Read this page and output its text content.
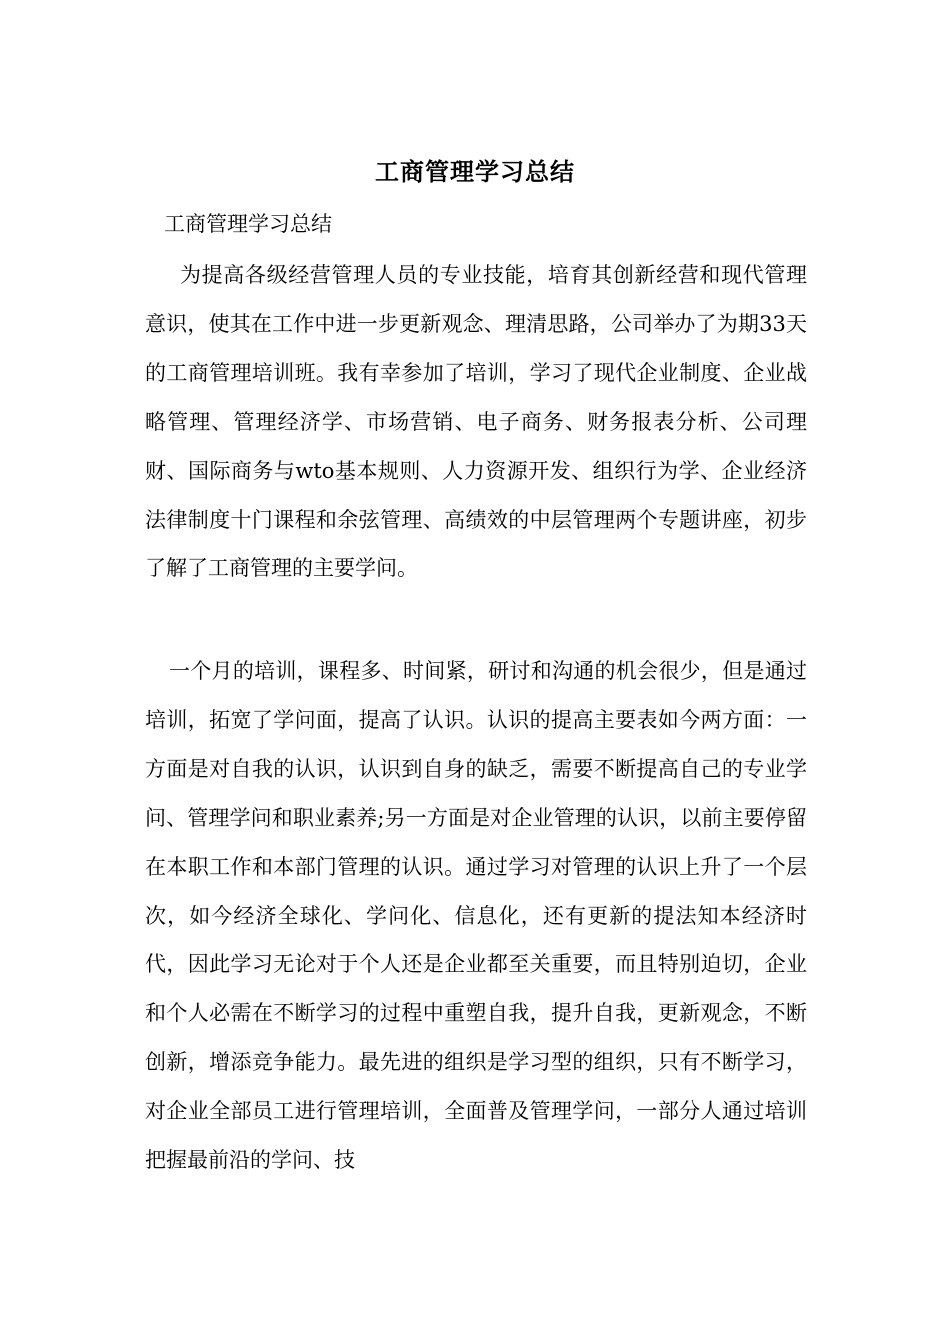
工商管理学习总结
工商管理学习总结

为提高各级经营管理人员的专业技能，培育其创新经营和现代管理意识，使其在工作中进一步更新观念、理清思路，公司举办了为期33天的工商管理培训班。我有幸参加了培训，学习了现代企业制度、企业战略管理、管理经济学、市场营销、电子商务、财务报表分析、公司理财、国际商务与wto基本规则、人力资源开发、组织行为学、企业经济法律制度十门课程和余弦管理、高绩效的中层管理两个专题讲座，初步了解了工商管理的主要学问。

一个月的培训，课程多、时间紧，研讨和沟通的机会很少，但是通过培训，拓宽了学问面，提高了认识。认识的提高主要表如今两方面：一方面是对自我的认识，认识到自身的缺乏，需要不断提高自己的专业学问、管理学问和职业素养;另一方面是对企业管理的认识，以前主要停留在本职工作和本部门管理的认识。通过学习对管理的认识上升了一个层次，如今经济全球化、学问化、信息化，还有更新的提法知本经济时代，因此学习无论对于个人还是企业都至关重要，而且特别迫切，企业和个人必需在不断学习的过程中重塑自我，提升自我，更新观念，不断创新，增添竞争能力。最先进的组织是学习型的组织，只有不断学习，对企业全部员工进行管理培训，全面普及管理学问，一部分人通过培训把握最前沿的学问、技
